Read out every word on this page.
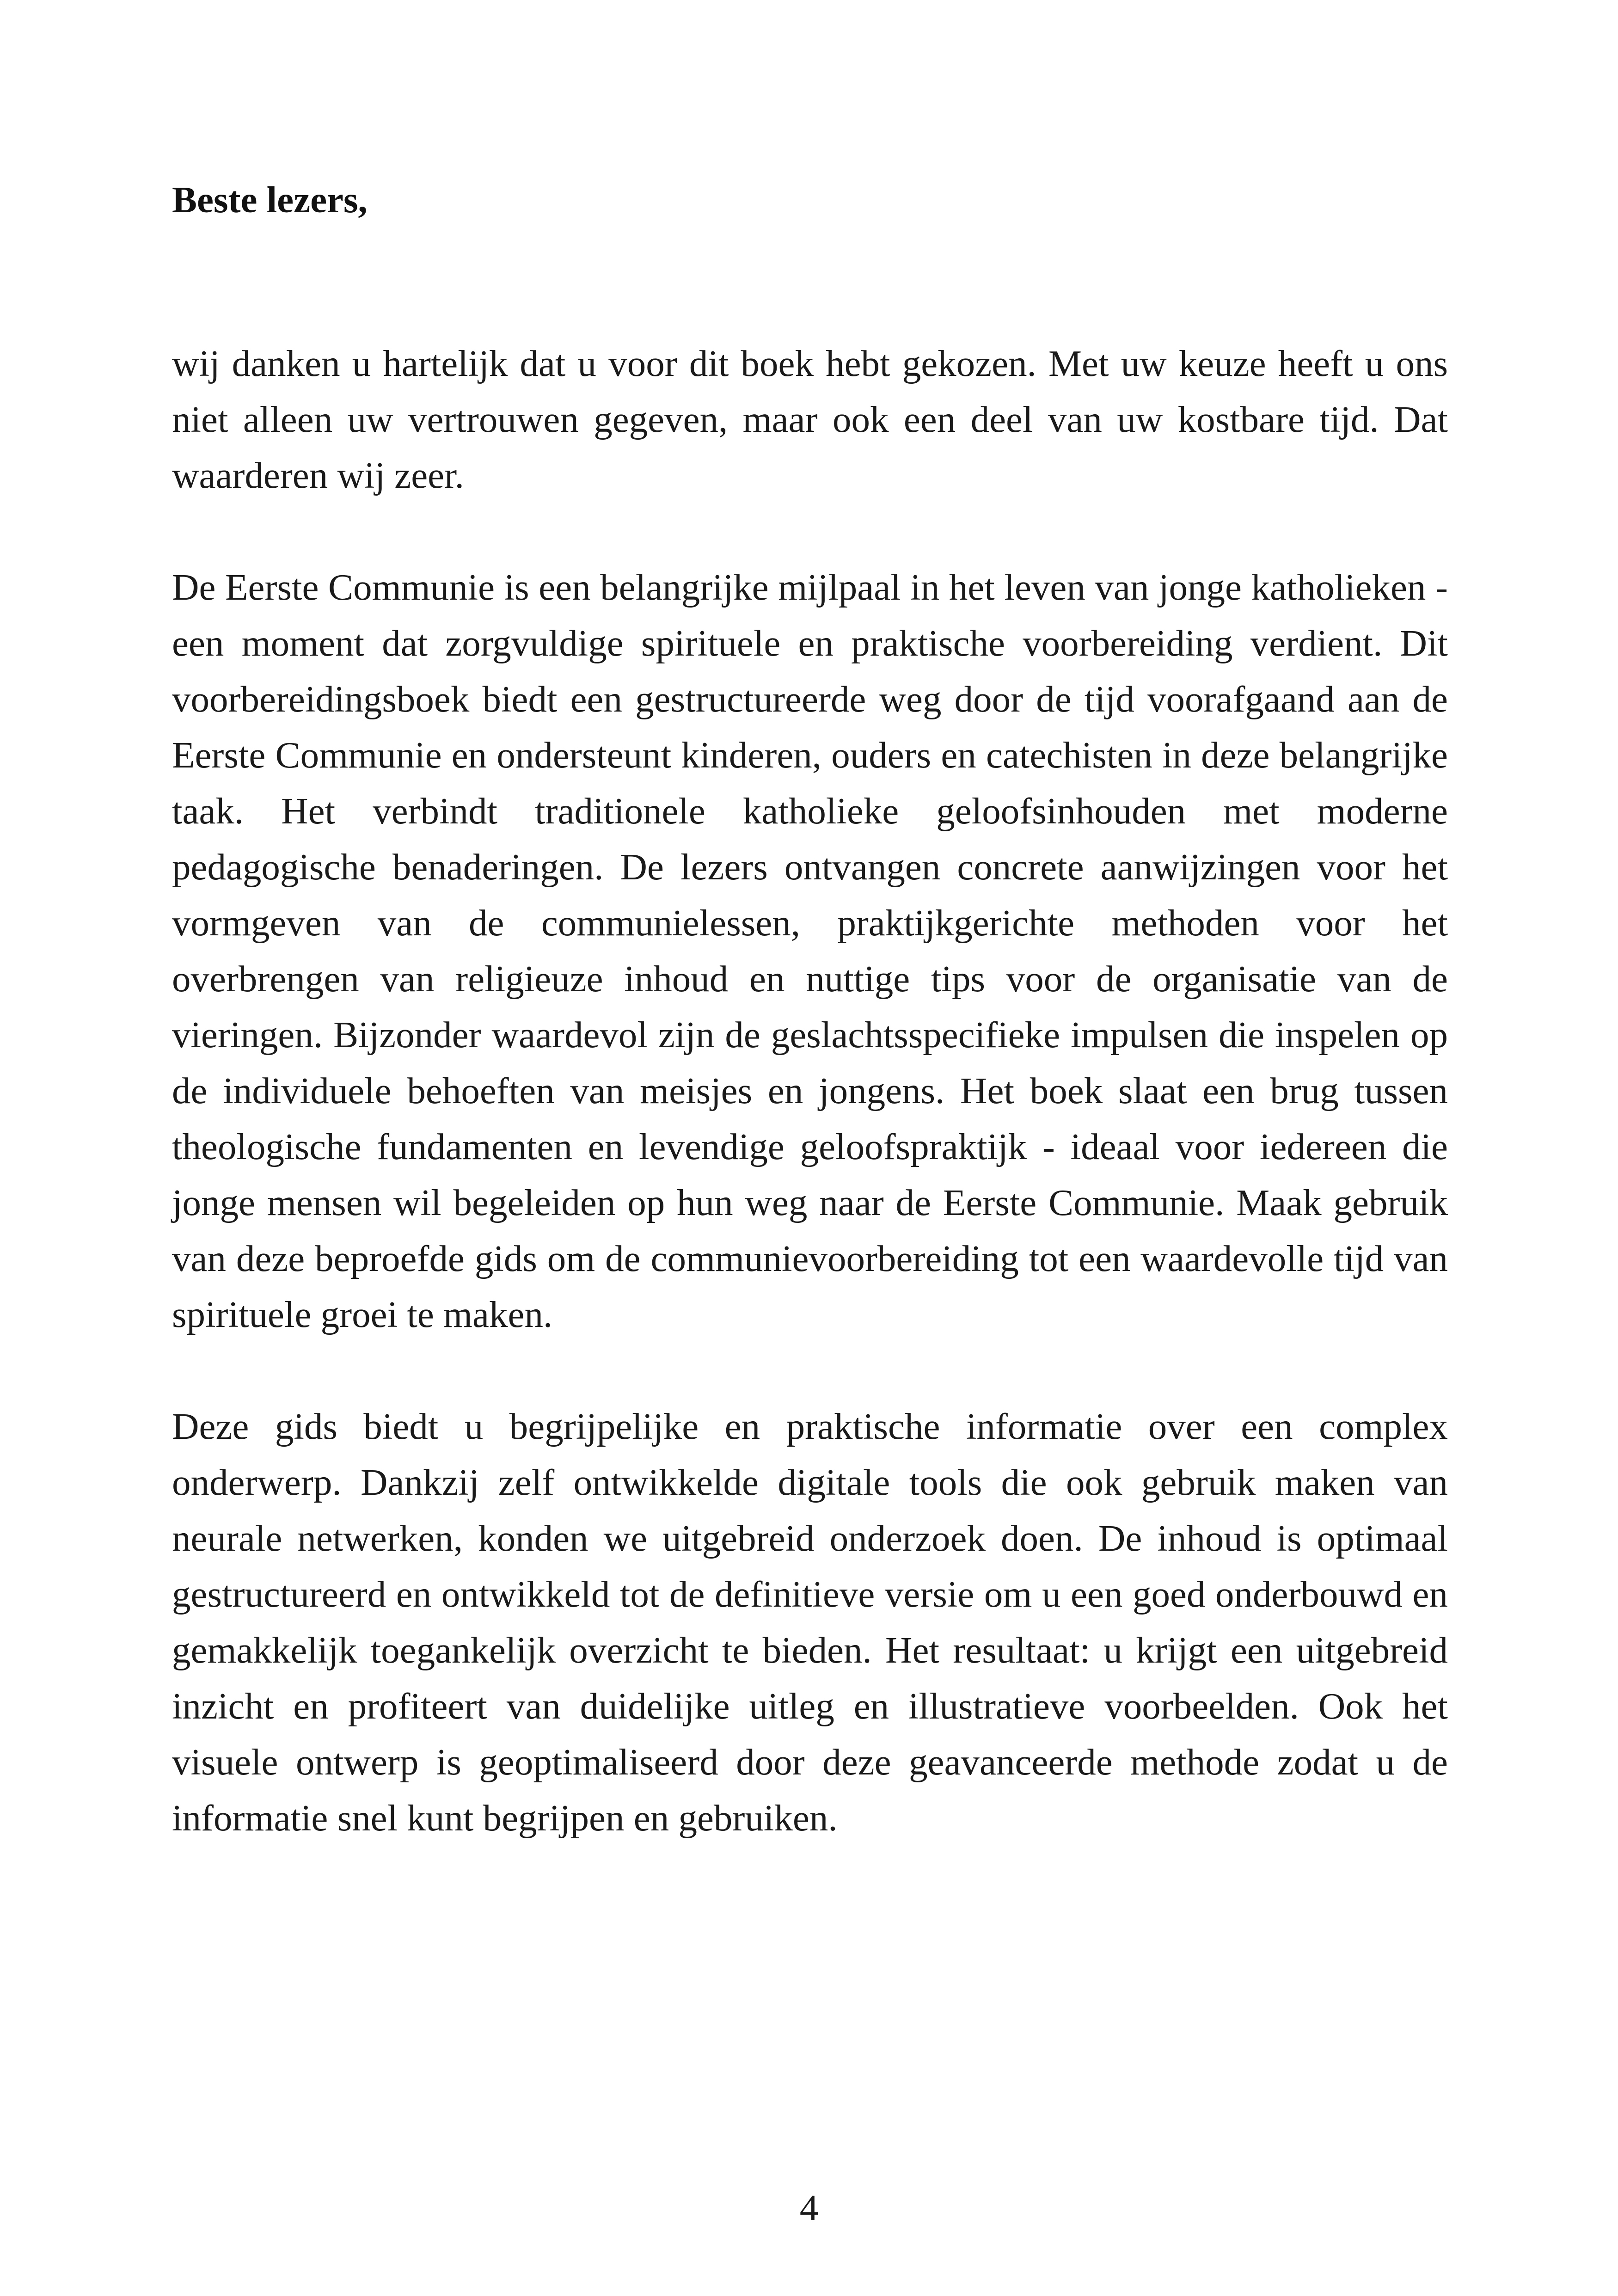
Beste lezers,

wij danken u hartelijk dat u voor dit boek hebt gekozen. Met uw keuze heeft u ons niet alleen uw vertrouwen gegeven, maar ook een deel van uw kostbare tijd. Dat waarderen wij zeer.

De Eerste Communie is een belangrijke mijlpaal in het leven van jonge katholieken - een moment dat zorgvuldige spirituele en praktische voorbereiding verdient. Dit voorbereidingsboek biedt een gestructureerde weg door de tijd voorafgaand aan de Eerste Communie en ondersteunt kinderen, ouders en catechisten in deze belangrijke taak. Het verbindt traditionele katholieke geloofsinhouden met moderne pedagogische benaderingen. De lezers ontvangen concrete aanwijzingen voor het vormgeven van de communielessen, praktijkgerichte methoden voor het overbrengen van religieuze inhoud en nuttige tips voor de organisatie van de vieringen. Bijzonder waardevol zijn de geslachtsspecifieke impulsen die inspelen op de individuele behoeften van meisjes en jongens. Het boek slaat een brug tussen theologische fundamenten en levendige geloofspraktijk - ideaal voor iedereen die jonge mensen wil begeleiden op hun weg naar de Eerste Communie. Maak gebruik van deze beproefde gids om de communievoorbereiding tot een waardevolle tijd van spirituele groei te maken.

Deze gids biedt u begrijpelijke en praktische informatie over een complex onderwerp. Dankzij zelf ontwikkelde digitale tools die ook gebruik maken van neurale netwerken, konden we uitgebreid onderzoek doen. De inhoud is optimaal gestructureerd en ontwikkeld tot de definitieve versie om u een goed onderbouwd en gemakkelijk toegankelijk overzicht te bieden. Het resultaat: u krijgt een uitgebreid inzicht en profiteert van duidelijke uitleg en illustratieve voorbeelden. Ook het visuele ontwerp is geoptimaliseerd door deze geavanceerde methode zodat u de informatie snel kunt begrijpen en gebruiken.

4
